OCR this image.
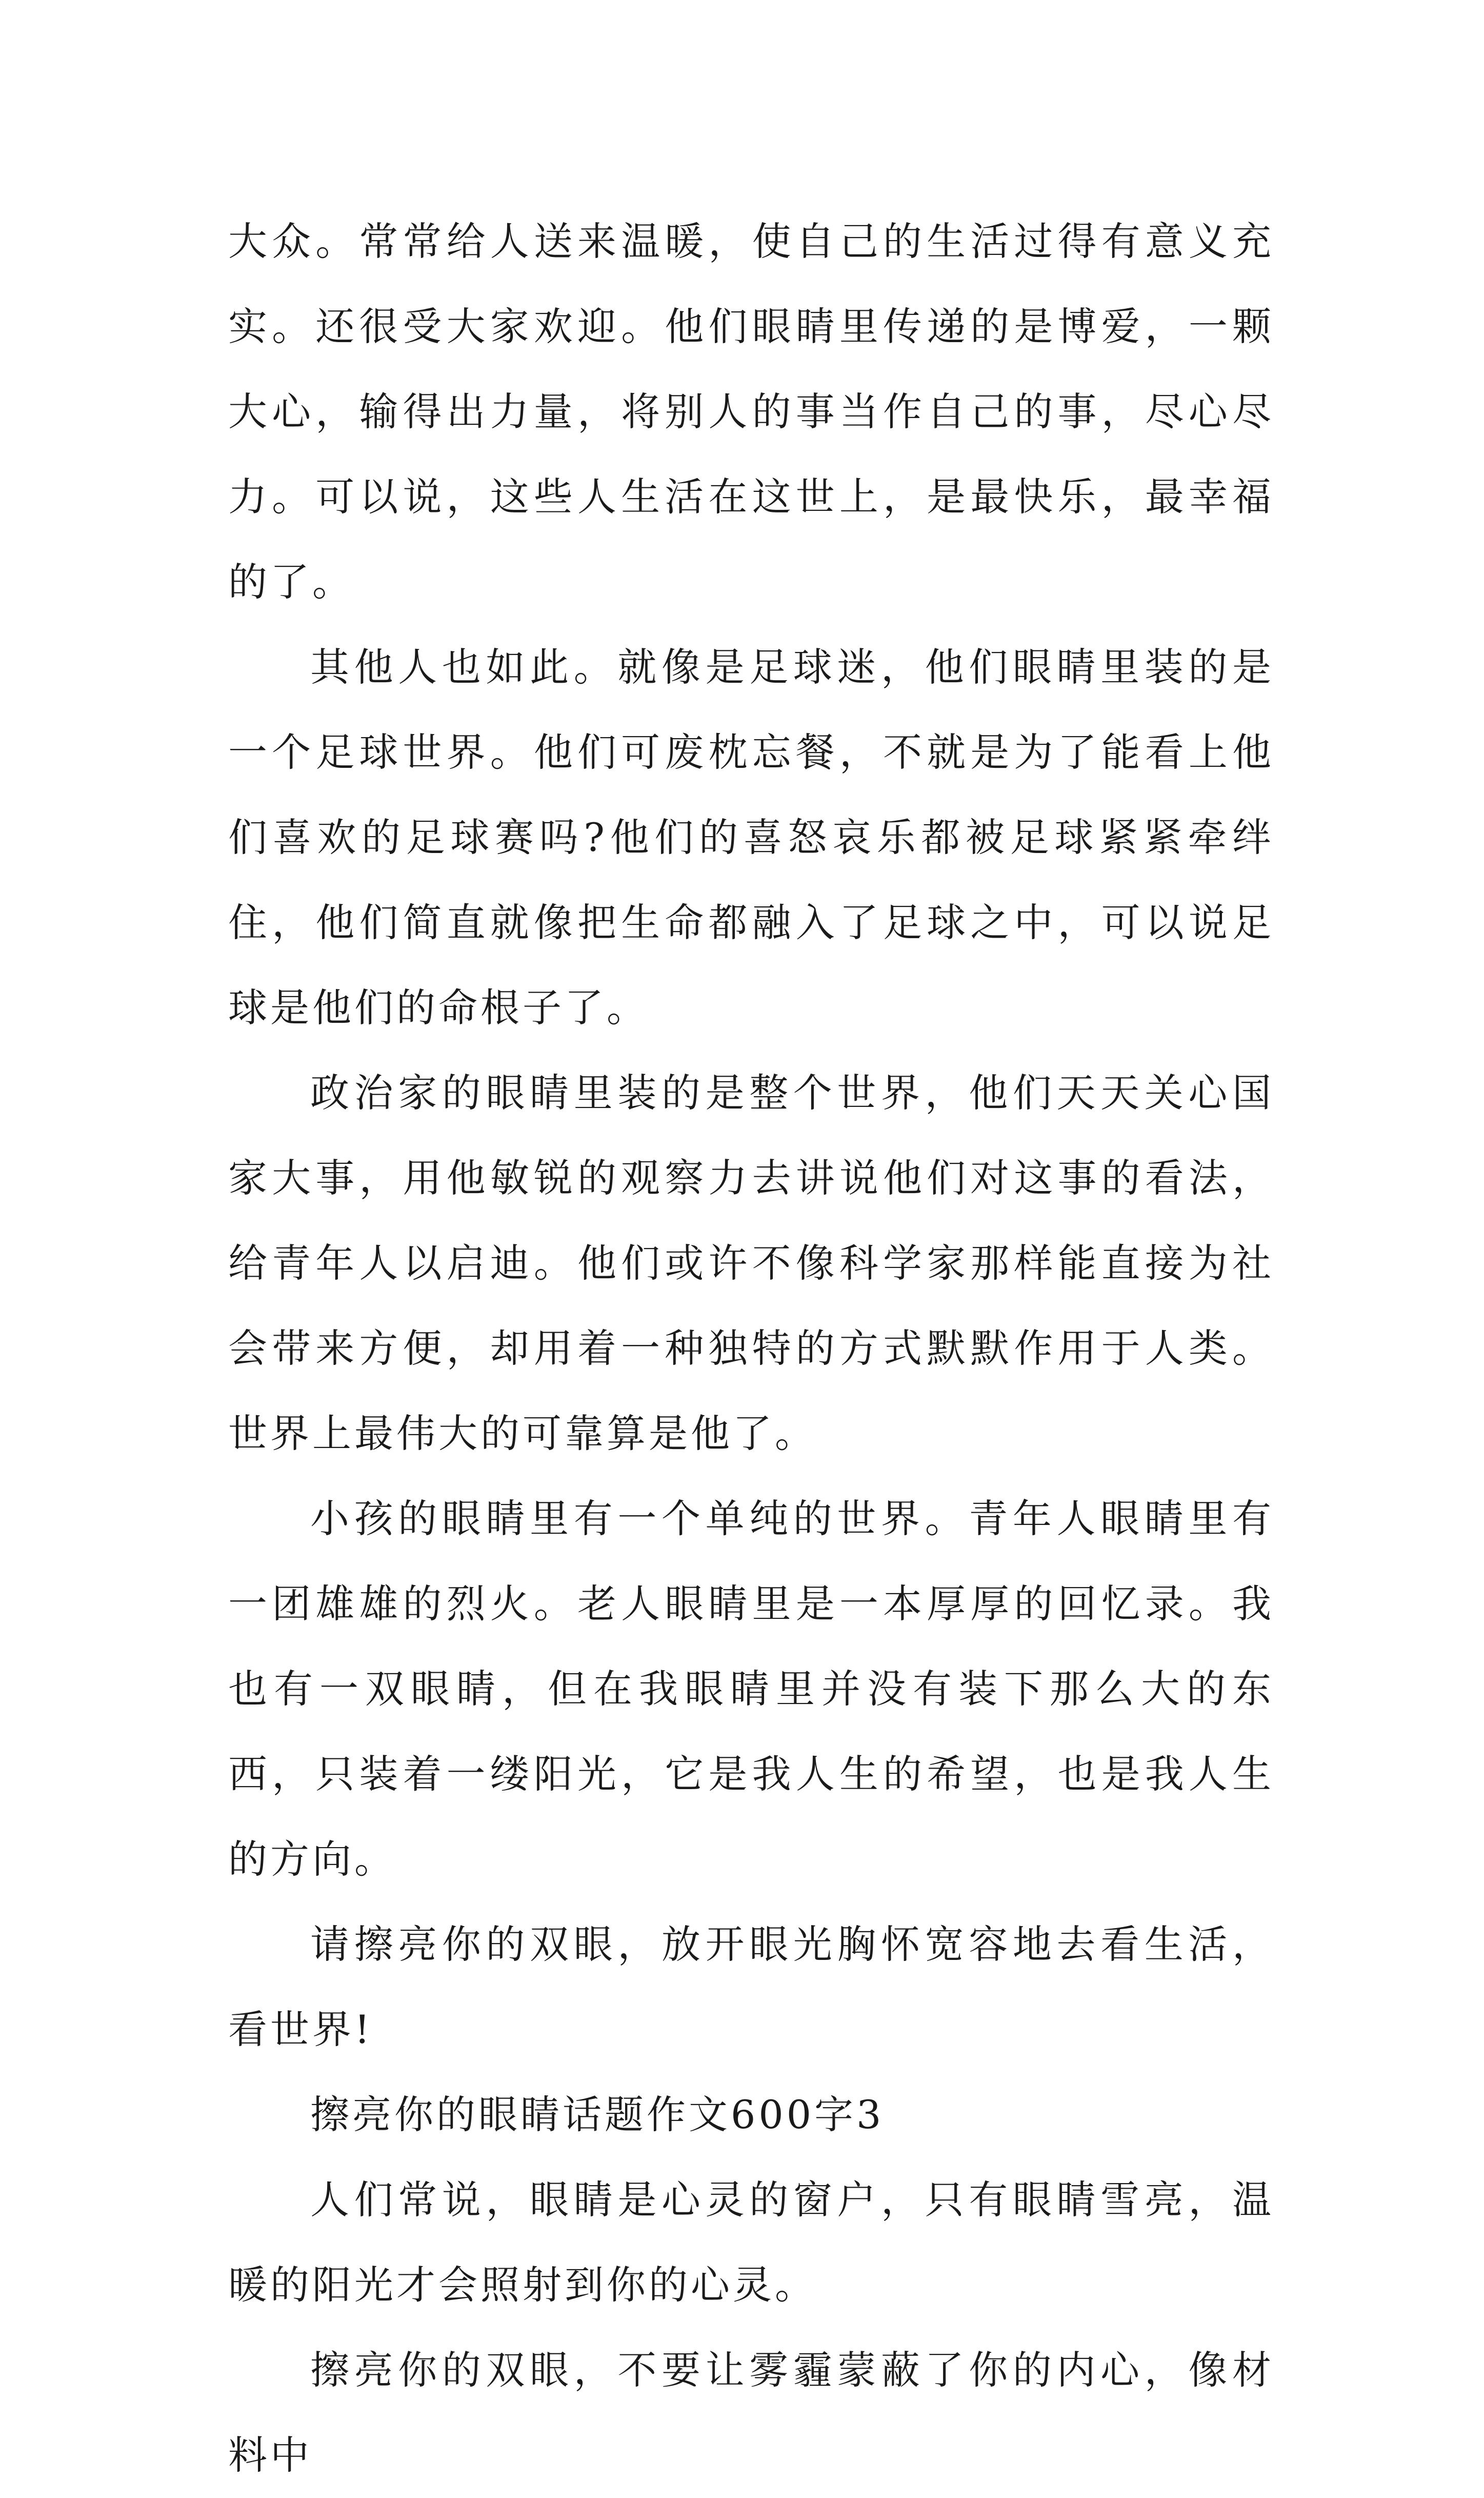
大众。常常给人送来温暖，使自己的生活过得有意义充实。还很受大家欢迎。他们眼睛里传递的是博爱，一颗大心，输得出力量，将别人的事当作自己的事，尽心尽力。可以说，这些人生活在这世上，是最快乐，最幸福的了。

其他人也如此。就像是足球迷，他们眼睛里装的是一个足球世界。他们可废枕忘餐，不就是为了能看上他们喜欢的足球赛吗?他们的喜怒哀乐都被足球紧紧牵绊住，他们简直就像把生命都融入了足球之中，可以说足球是他们的命根子了。

政治家的眼睛里装的是整个世界，他们天天关心国家大事，用他敏锐的观察力去讲说他们对这事的看法，给青年人以启迪。他们或许不像科学家那样能直接为社会带来方便，却用着一种独特的方式默默作用于人类。世界上最伟大的可靠算是他了。

小孩的眼睛里有一个单纯的世界。青年人眼睛里有一团雄雄的烈火。老人眼睛里是一本厚厚的回忆录。我也有一双眼睛，但在我眼睛里并没有装下那么大的东西，只装着一缕阳光，它是我人生的希望，也是我人生的方向。

请擦亮你的双眼，放开眼光胸怀宽容地去看生活，看世界!

擦亮你的眼睛话题作文600字3

人们常说，眼睛是心灵的窗户，只有眼睛雪亮，温暖的阳光才会照射到你的心灵。

擦亮你的双眼，不要让雾霾蒙蔽了你的内心，像材料中
